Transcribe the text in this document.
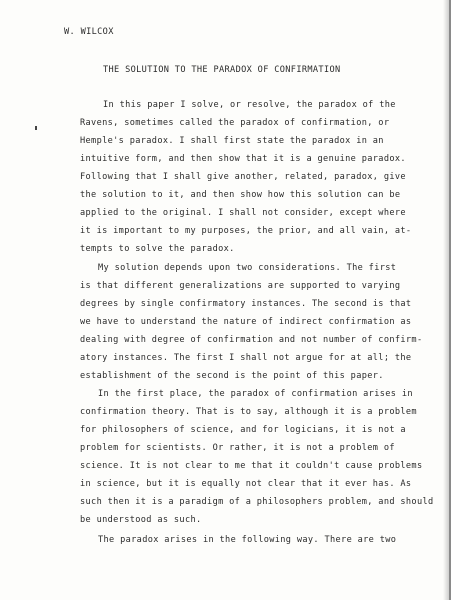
W. WILCOX

THE SOLUTION TO THE PARADOX OF CONFIRMATION

In this paper I solve, or resolve, the paradox of the

Ravens, sometimes called the paradox of confirmation, or

Hemple's paradox. I shall first state the paradox in an

intuitive form, and then show that it is a genuine paradox.

Following that I shall give another, related, paradox, give

the solution to it, and then show how this solution can be

applied to the original. I shall not consider, except where

it is important to my purposes, the prior, and all vain, at-

tempts to solve the paradox.

My solution depends upon two considerations. The first

is that different generalizations are supported to varying

degrees by single confirmatory instances. The second is that

we have to understand the nature of indirect confirmation as

dealing with degree of confirmation and not number of confirm-

atory instances. The first I shall not argue for at all; the

establishment of the second is the point of this paper.

In the first place, the paradox of confirmation arises in

confirmation theory. That is to say, although it is a problem

for philosophers of science, and for logicians, it is not a

problem for scientists. Or rather, it is not a problem of

science. It is not clear to me that it couldn't cause problems

in science, but it is equally not clear that it ever has. As

such then it is a paradigm of a philosophers problem, and should

be understood as such.

The paradox arises in the following way. There are two
